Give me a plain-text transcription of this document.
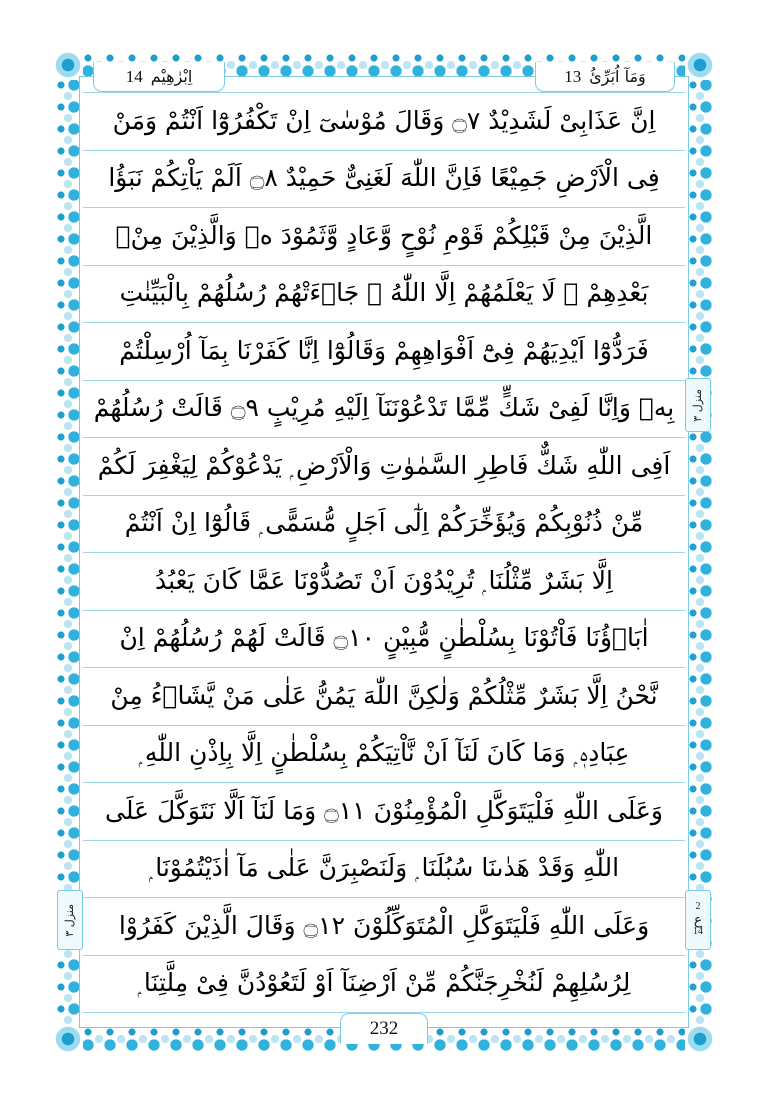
اِبْرٰهِيْم
14	وَمَآ اُبَرِّئُ
13
اِنَّ عَذَابِىْ لَشَدِيْدٌ ۝٧ وَقَالَ مُوْسٰىٓ اِنْ تَكْفُرُوْٓا اَنْتُمْ وَمَنْ
فِى الْاَرْضِ جَمِيْعًا فَاِنَّ اللّٰهَ لَغَنِىٌّ حَمِيْدٌ ۝٨ اَلَمْ يَاْتِكُمْ نَبَؤُا
الَّذِيْنَ مِنْ قَبْلِكُمْ قَوْمِ نُوْحٍ وَّعَادٍ وَّثَمُوْدَ ەۛ وَالَّذِيْنَ مِنْۢ
بَعْدِهِمْ ۛ لَا يَعْلَمُهُمْ اِلَّا اللّٰهُ ۚ جَاۤءَتْهُمْ رُسُلُهُمْ بِالْبَيِّنٰتِ
فَرَدُّوْٓا اَيْدِيَهُمْ فِىْٓ اَفْوَاهِهِمْ وَقَالُوْٓا اِنَّا كَفَرْنَا بِمَآ اُرْسِلْتُمْ
بِهٖ وَاِنَّا لَفِىْ شَكٍّ مِّمَّا تَدْعُوْنَنَآ اِلَيْهِ مُرِيْبٍ ۝٩ قَالَتْ رُسُلُهُمْ
اَفِى اللّٰهِ شَكٌّ فَاطِرِ السَّمٰوٰتِ وَالْاَرْضِ ۭ يَدْعُوْكُمْ لِيَغْفِرَ لَكُمْ
مِّنْ ذُنُوْبِكُمْ وَيُؤَخِّرَكُمْ اِلٰٓى اَجَلٍ مُّسَمًّى ۭ قَالُوْٓا اِنْ اَنْتُمْ
اِلَّا بَشَرٌ مِّثْلُنَا ۭ تُرِيْدُوْنَ اَنْ تَصُدُّوْنَا عَمَّا كَانَ يَعْبُدُ
اٰبَاۤؤُنَا فَاْتُوْنَا بِسُلْطٰنٍ مُّبِيْنٍ ۝١٠ قَالَتْ لَهُمْ رُسُلُهُمْ اِنْ
نَّحْنُ اِلَّا بَشَرٌ مِّثْلُكُمْ وَلٰكِنَّ اللّٰهَ يَمُنُّ عَلٰى مَنْ يَّشَاۤءُ مِنْ
عِبَادِهٖ ۭ وَمَا كَانَ لَنَآ اَنْ نَّاْتِيَكُمْ بِسُلْطٰنٍ اِلَّا بِاِذْنِ اللّٰهِ ۭ
وَعَلَى اللّٰهِ فَلْيَتَوَكَّلِ الْمُؤْمِنُوْنَ ۝١١ وَمَا لَنَآ اَلَّا نَتَوَكَّلَ عَلَى
اللّٰهِ وَقَدْ هَدٰىنَا سُبُلَنَا ۭ وَلَنَصْبِرَنَّ عَلٰى مَآ اٰذَيْتُمُوْنَا ۭ
وَعَلَى اللّٰهِ فَلْيَتَوَكَّلِ الْمُتَوَكِّلُوْنَ ۝١٢ وَقَالَ الَّذِيْنَ كَفَرُوْا
لِرُسُلِهِمْ لَنُخْرِجَنَّكُمْ مِّنْ اَرْضِنَآ اَوْ لَتَعُوْدُنَّ فِىْ مِلَّتِنَا ۭ
منزل ٣
2
ع
14
منزل ٣
232
